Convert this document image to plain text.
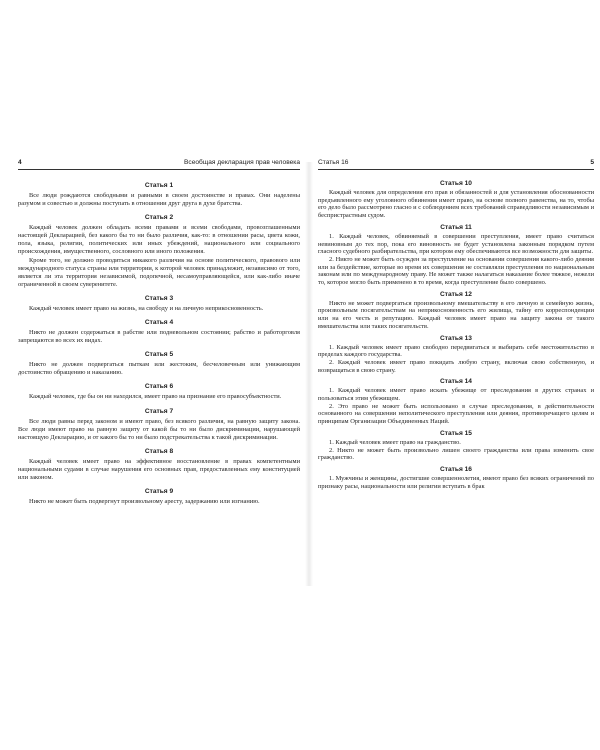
4	Всеобщая декларация прав человека
Статья 1

Все люди рождаются свободными и равными в своем достоинстве и правах. Они наделены разумом и совестью и должны поступать в отношении друг друга в духе братства.

Статья 2

Каждый человек должен обладать всеми правами и всеми свободами, провозглашенными настоящей Декларацией, без какого бы то ни было различия, как-то: в отношении расы, цвета кожи, пола, языка, религии, политических или иных убеждений, национального или социального происхождения, имущественного, сословного или иного положения.

Кроме того, не должно проводиться никакого различия на основе политического, правового или международного статуса страны или территории, к которой человек принадлежит, независимо от того, является ли эта территория независимой, подопечной, несамоуправляющейся, или как-либо иначе ограниченной в своем суверенитете.

Статья 3

Каждый человек имеет право на жизнь, на свободу и на личную неприкосновенность.

Статья 4

Никто не должен содержаться в рабстве или подневольном состоянии; рабство и работорговля запрещаются во всех их видах.

Статья 5

Никто не должен подвергаться пыткам или жестоким, бесчеловечным или унижающим достоинство обращению и наказанию.

Статья 6

Каждый человек, где бы он ни находился, имеет право на признание его правосубъектности.

Статья 7

Все люди равны перед законом и имеют право, без всякого различия, на равную защиту закона. Все люди имеют право на равную защиту от какой бы то ни было дискриминации, нарушающей настоящую Декларацию, и от какого бы то ни было подстрекательства к такой дискриминации.

Статья 8

Каждый человек имеет право на эффективное восстановление в правах компетентными национальными судами в случае нарушения его основных прав, предоставленных ему конституцией или законом.

Статья 9

Никто не может быть подвергнут произвольному аресту, задержанию или изгнанию.

Статья 16	5
Статья 10

Каждый человек для определения его прав и обязанностей и для установления обоснованности предъявленного ему уголовного обвинения имеет право, на основе полного равенства, на то, чтобы его дело было рассмотрено гласно и с соблюдением всех требований справедливости независимым и беспристрастным судом.

Статья 11

1. Каждый человек, обвиняемый в совершении преступления, имеет право считаться невиновным до тех пор, пока его виновность не будет установлена законным порядком путем гласного судебного разбирательства, при котором ему обеспечиваются все возможности для защиты.

2. Никто не может быть осужден за преступление на основании совершения какого-либо деяния или за бездействие, которые во время их совершения не составляли преступления по национальным законам или по международному праву. Не может также налагаться наказание более тяжкое, нежели то, которое могло быть применено в то время, когда преступление было совершено.

Статья 12

Никто не может подвергаться произвольному вмешательству в его личную и семейную жизнь, произвольным посягательствам на неприкосновенность его жилища, тайну его корреспонденции или на его честь и репутацию. Каждый человек имеет право на защиту закона от такого вмешательства или таких посягательств.

Статья 13

1. Каждый человек имеет право свободно передвигаться и выбирать себе местожительство в пределах каждого государства.

2. Каждый человек имеет право покидать любую страну, включая свою собственную, и возвращаться в свою страну.

Статья 14

1. Каждый человек имеет право искать убежище от преследования в других странах и пользоваться этим убежищем.

2. Это право не может быть использовано в случае преследования, в действительности основанного на совершении неполитического преступления или деяния, противоречащего целям и принципам Организации Объединенных Наций.

Статья 15

1. Каждый человек имеет право на гражданство.

2. Никто не может быть произвольно лишен своего гражданства или права изменить свое гражданство.

Статья 16

1. Мужчины и женщины, достигшие совершеннолетия, имеют право без всяких ограничений по признаку расы, национальности или религии вступать в брак
